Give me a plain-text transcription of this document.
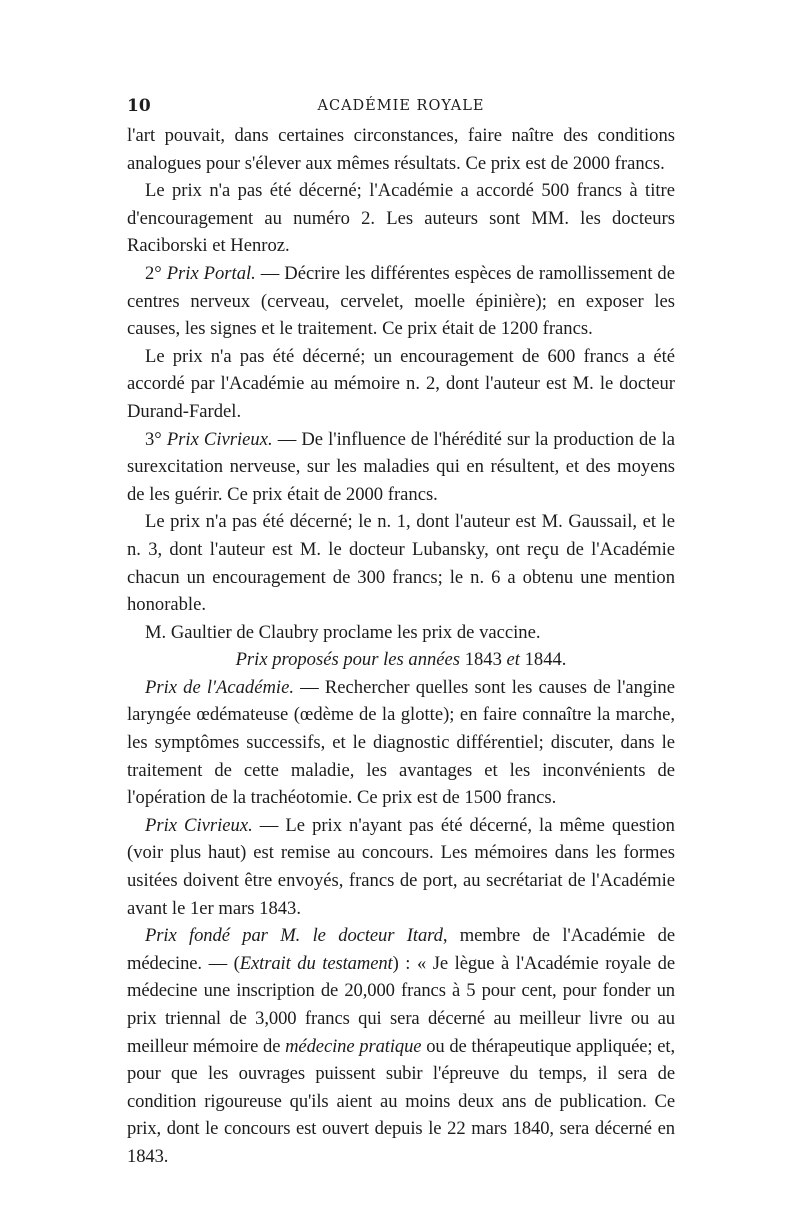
10	ACADÉMIE ROYALE

l'art pouvait, dans certaines circonstances, faire naître des conditions analogues pour s'élever aux mêmes résultats. Ce prix est de 2000 francs.

Le prix n'a pas été décerné; l'Académie a accordé 500 francs à titre d'encouragement au numéro 2. Les auteurs sont MM. les docteurs Raciborski et Henroz.

2° Prix Portal. — Décrire les différentes espèces de ramollissement de centres nerveux (cerveau, cervelet, moelle épinière); en exposer les causes, les signes et le traitement. Ce prix était de 1200 francs.

Le prix n'a pas été décerné; un encouragement de 600 francs a été accordé par l'Académie au mémoire n. 2, dont l'auteur est M. le docteur Durand-Fardel.

3° Prix Civrieux. — De l'influence de l'hérédité sur la production de la surexcitation nerveuse, sur les maladies qui en résultent, et des moyens de les guérir. Ce prix était de 2000 francs.

Le prix n'a pas été décerné; le n. 1, dont l'auteur est M. Gaussail, et le n. 3, dont l'auteur est M. le docteur Lubansky, ont reçu de l'Académie chacun un encouragement de 300 francs; le n. 6 a obtenu une mention honorable.

M. Gaultier de Claubry proclame les prix de vaccine.

Prix proposés pour les années 1843 et 1844.

Prix de l'Académie. — Rechercher quelles sont les causes de l'angine laryngée œdémateuse (œdème de la glotte); en faire connaître la marche, les symptômes successifs, et le diagnostic différentiel; discuter, dans le traitement de cette maladie, les avantages et les inconvénients de l'opération de la trachéotomie. Ce prix est de 1500 francs.

Prix Civrieux. — Le prix n'ayant pas été décerné, la même question (voir plus haut) est remise au concours. Les mémoires dans les formes usitées doivent être envoyés, francs de port, au secrétariat de l'Académie avant le 1er mars 1843.

Prix fondé par M. le docteur Itard, membre de l'Académie de médecine. — (Extrait du testament) : « Je lègue à l'Académie royale de médecine une inscription de 20,000 francs à 5 pour cent, pour fonder un prix triennal de 3,000 francs qui sera décerné au meilleur livre ou au meilleur mémoire de médecine pratique ou de thérapeutique appliquée; et, pour que les ouvrages puissent subir l'épreuve du temps, il sera de condition rigoureuse qu'ils aient au moins deux ans de publication. Ce prix, dont le concours est ouvert depuis le 22 mars 1840, sera décerné en 1843.
